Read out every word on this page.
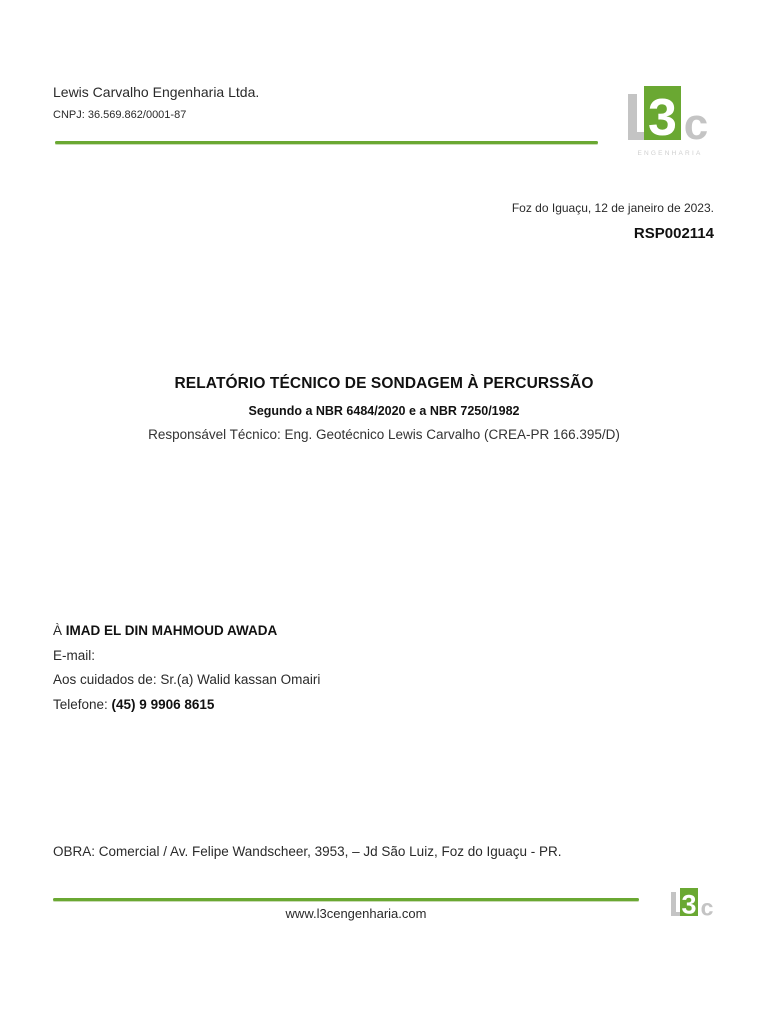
Lewis Carvalho Engenharia Ltda.
CNPJ: 36.569.862/0001-87	3 c
ENGENHARIA
Foz do Iguaçu, 12 de janeiro de 2023.
RSP002114
RELATÓRIO TÉCNICO DE SONDAGEM À PERCURSSÃO
Segundo a NBR 6484/2020 e a NBR 7250/1982
Responsável Técnico: Eng. Geotécnico Lewis Carvalho (CREA-PR 166.395/D)
À IMAD EL DIN MAHMOUD AWADA
E-mail:
Aos cuidados de: Sr.(a) Walid kassan Omairi
Telefone: (45) 9 9906 8615
OBRA: Comercial / Av. Felipe Wandscheer, 3953, – Jd São Luiz, Foz do Iguaçu - PR.
www.l3cengenharia.com	3 c
